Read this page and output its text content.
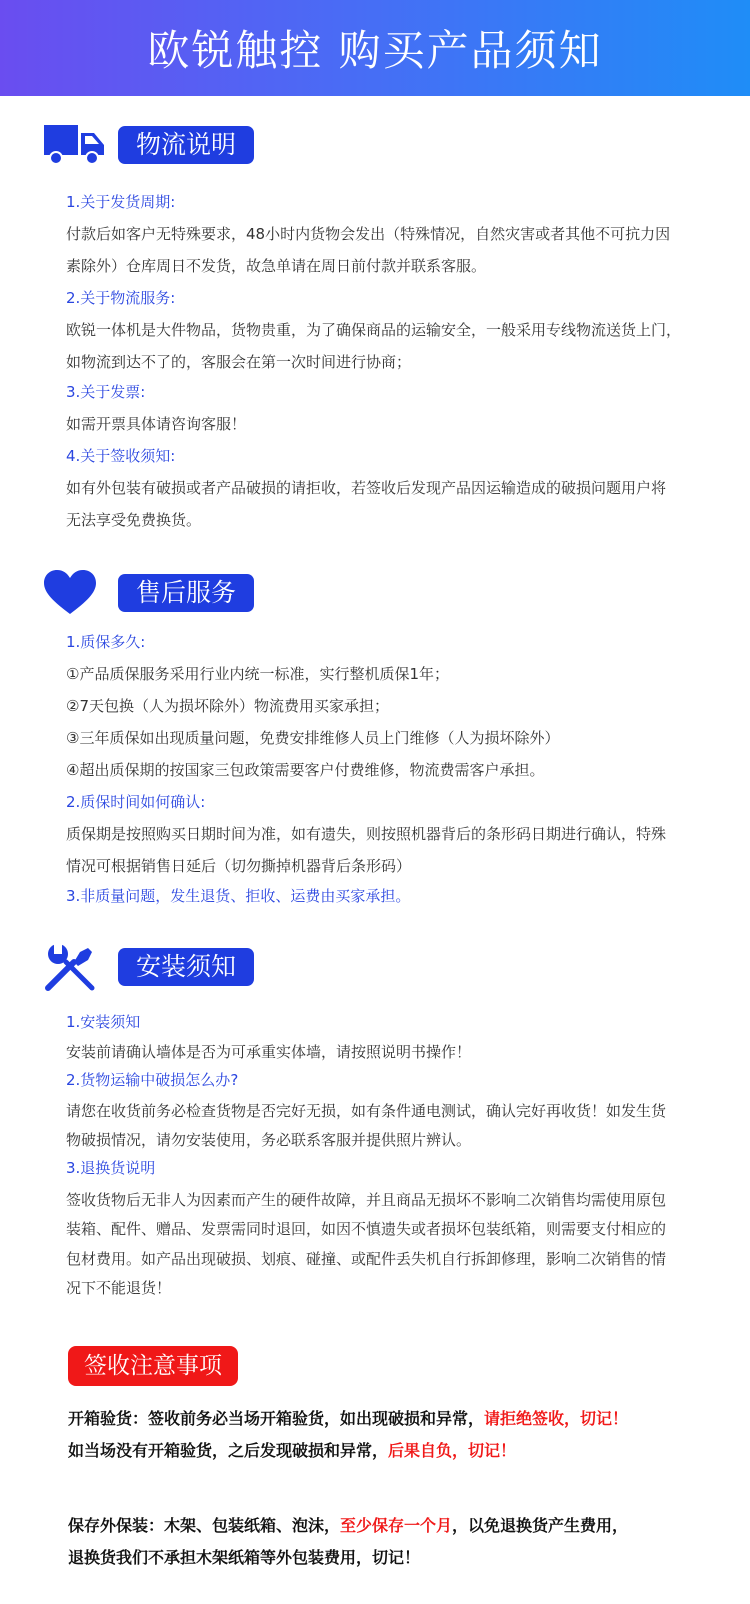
欧锐触控 购买产品须知
物流说明
1.关于发货周期:
付款后如客户无特殊要求，48小时内货物会发出（特殊情况，自然灾害或者其他不可抗力因
素除外）仓库周日不发货，故急单请在周日前付款并联系客服。
2.关于物流服务:
欧锐一体机是大件物品，货物贵重，为了确保商品的运输安全，一般采用专线物流送货上门，
如物流到达不了的，客服会在第一次时间进行协商；
3.关于发票:
如需开票具体请咨询客服！
4.关于签收须知:
如有外包装有破损或者产品破损的请拒收，若签收后发现产品因运输造成的破损问题用户将
无法享受免费换货。
售后服务
1.质保多久:
①产品质保服务采用行业内统一标准，实行整机质保1年；
②7天包换（人为损坏除外）物流费用买家承担；
③三年质保如出现质量问题，免费安排维修人员上门维修（人为损坏除外）
④超出质保期的按国家三包政策需要客户付费维修，物流费需客户承担。
2.质保时间如何确认:
质保期是按照购买日期时间为准，如有遗失，则按照机器背后的条形码日期进行确认，特殊
情况可根据销售日延后（切勿撕掉机器背后条形码）
3.非质量问题，发生退货、拒收、运费由买家承担。
安装须知
1.安装须知
安装前请确认墙体是否为可承重实体墙，请按照说明书操作！
2.货物运输中破损怎么办?
请您在收货前务必检查货物是否完好无损，如有条件通电测试，确认完好再收货！如发生货
物破损情况，请勿安装使用，务必联系客服并提供照片辨认。
3.退换货说明
签收货物后无非人为因素而产生的硬件故障，并且商品无损坏不影响二次销售均需使用原包
装箱、配件、赠品、发票需同时退回，如因不慎遗失或者损坏包装纸箱，则需要支付相应的
包材费用。如产品出现破损、划痕、碰撞、或配件丢失机自行拆卸修理，影响二次销售的情
况下不能退货！
签收注意事项
开箱验货：签收前务必当场开箱验货，如出现破损和异常，请拒绝签收，切记！
如当场没有开箱验货，之后发现破损和异常，后果自负，切记！
保存外保装：木架、包装纸箱、泡沫，至少保存一个月，以免退换货产生费用，
退换货我们不承担木架纸箱等外包装费用，切记！
